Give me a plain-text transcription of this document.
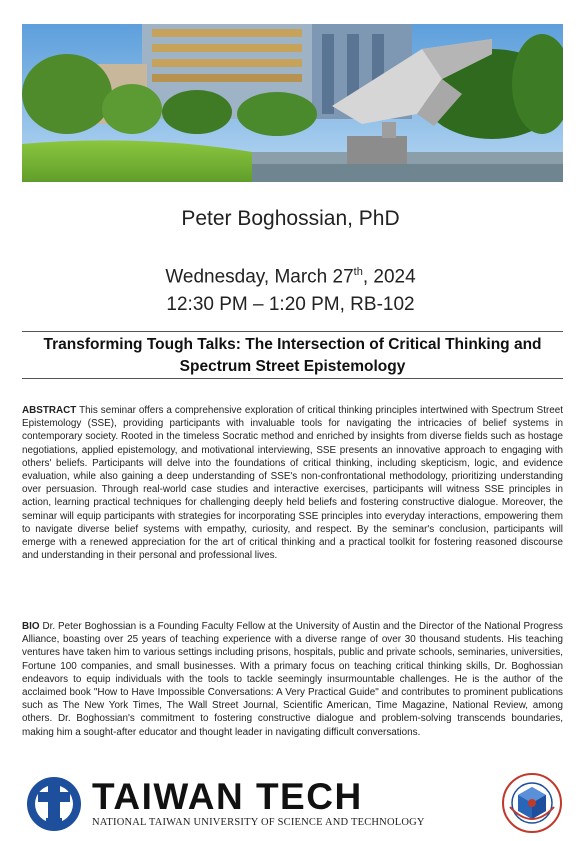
Peter Boghossian, PhD
Wednesday, March 27th, 2024
12:30 PM – 1:20 PM, RB-102
Transforming Tough Talks: The Intersection of Critical Thinking and Spectrum Street Epistemology
ABSTRACT This seminar offers a comprehensive exploration of critical thinking principles intertwined with Spectrum Street Epistemology (SSE), providing participants with invaluable tools for navigating the intricacies of belief systems in contemporary society. Rooted in the timeless Socratic method and enriched by insights from diverse fields such as hostage negotiations, applied epistemology, and motivational interviewing, SSE presents an innovative approach to engaging with others' beliefs. Participants will delve into the foundations of critical thinking, including skepticism, logic, and evidence evaluation, while also gaining a deep understanding of SSE's non-confrontational methodology, prioritizing understanding over persuasion. Through real-world case studies and interactive exercises, participants will witness SSE principles in action, learning practical techniques for challenging deeply held beliefs and fostering constructive dialogue. Moreover, the seminar will equip participants with strategies for incorporating SSE principles into everyday interactions, empowering them to navigate diverse belief systems with empathy, curiosity, and respect. By the seminar's conclusion, participants will emerge with a renewed appreciation for the art of critical thinking and a practical toolkit for fostering reasoned discourse and understanding in their personal and professional lives.
BIO Dr. Peter Boghossian is a Founding Faculty Fellow at the University of Austin and the Director of the National Progress Alliance, boasting over 25 years of teaching experience with a diverse range of over 30 thousand students. His teaching ventures have taken him to various settings including prisons, hospitals, public and private schools, seminaries, universities, Fortune 100 companies, and small businesses. With a primary focus on teaching critical thinking skills, Dr. Boghossian endeavors to equip individuals with the tools to tackle seemingly insurmountable challenges. He is the author of the acclaimed book "How to Have Impossible Conversations: A Very Practical Guide" and contributes to prominent publications such as The New York Times, The Wall Street Journal, Scientific American, Time Magazine, National Review, among others. Dr. Boghossian's commitment to fostering constructive dialogue and problem-solving transcends boundaries, making him a sought-after educator and thought leader in navigating difficult conversations.
TAIWAN TECH
NATIONAL TAIWAN UNIVERSITY OF SCIENCE AND TECHNOLOGY
